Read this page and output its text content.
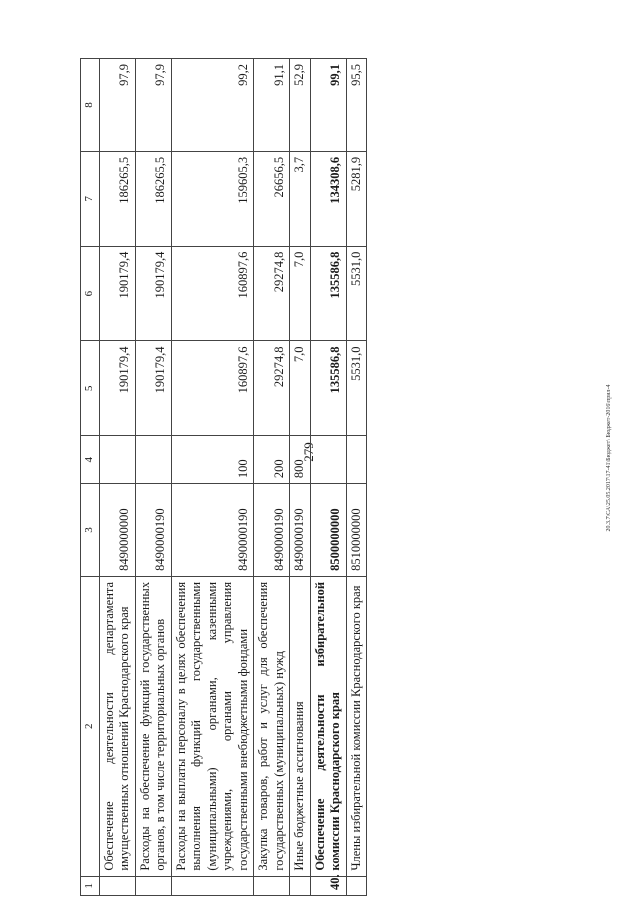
279	20.3.7\СА\25.05.2017\17-41\Бюджет\ Бюджет-2016\прил-4
1	2	3	4	5	6	7	8
	Обеспечение деятельности департамента имущественных отношений Краснодарского края	8490000000		190179,4	190179,4	186265,5	97,9
	Расходы на обеспечение функций государственных органов, в том числе территориальных органов	8490000190		190179,4	190179,4	186265,5	97,9
	Расходы на выплаты персоналу в целях обеспечения выполнения функций государственными (муниципальными) органами, казенными учреждениями, органами управления государственными внебюджетными фондами	8490000190	100	160897,6	160897,6	159605,3	99,2
	Закупка товаров, работ и услуг для обеспечения государственных (муниципальных) нужд	8490000190	200	29274,8	29274,8	26656,5	91,1
	Иные бюджетные ассигнования	8490000190	800	7,0	7,0	3,7	52,9
40.	Обеспечение деятельности избирательной комиссии Краснодарского края	8500000000		135586,8	135586,8	134308,6	99,1
	Члены избирательной комиссии Краснодарского края	8510000000		5531,0	5531,0	5281,9	95,5
